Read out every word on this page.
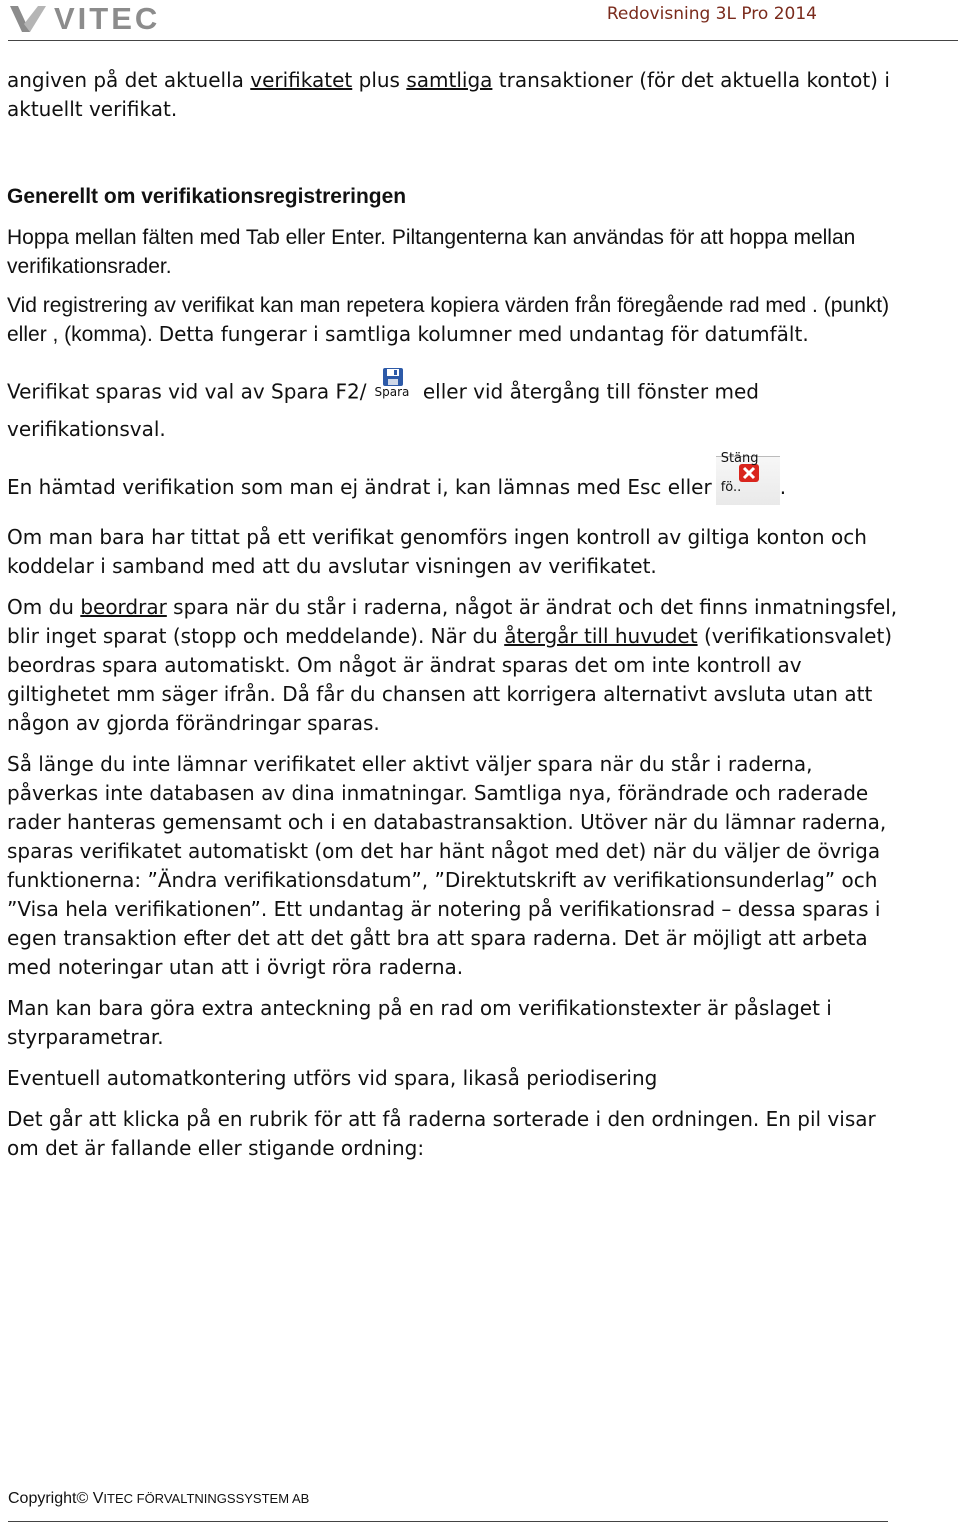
VITEC	Redovisning 3L Pro 2014

angiven på det aktuella verifikatet plus samtliga transaktioner (för det aktuella kontot) i aktuellt verifikat.

Generellt om verifikationsregistreringen

Hoppa mellan fälten med Tab eller Enter. Piltangenterna kan användas för att hoppa mellan verifikationsrader.

Vid registrering av verifikat kan man repetera kopiera värden från föregående rad med . (punkt) eller , (komma). Detta fungerar i samtliga kolumner med undantag för datumfält.

Verifikat sparas vid val av Spara F2/ Spara eller vid återgång till fönster med verifikationsval.

En hämtad verifikation som man ej ändrat i, kan lämnas med Esc eller
Stäng fö..	.

Om man bara har tittat på ett verifikat genomförs ingen kontroll av giltiga konton och koddelar i samband med att du avslutar visningen av verifikatet.

Om du beordrar spara när du står i raderna, något är ändrat och det finns inmatningsfel, blir inget sparat (stopp och meddelande). När du återgår till huvudet (verifikationsvalet) beordras spara automatiskt. Om något är ändrat sparas det om inte kontroll av giltighetet mm säger ifrån. Då får du chansen att korrigera alternativt avsluta utan att någon av gjorda förändringar sparas.

Så länge du inte lämnar verifikatet eller aktivt väljer spara när du står i raderna, påverkas inte databasen av dina inmatningar. Samtliga nya, förändrade och raderade rader hanteras gemensamt och i en databastransaktion. Utöver när du lämnar raderna, sparas verifikatet automatiskt (om det har hänt något med det) när du väljer de övriga funktionerna: ”Ändra verifikationsdatum”, ”Direktutskrift av verifikationsunderlag” och ”Visa hela verifikationen”. Ett undantag är notering på verifikationsrad – dessa sparas i egen transaktion efter det att det gått bra att spara raderna. Det är möjligt att arbeta med noteringar utan att i övrigt röra raderna.

Man kan bara göra extra anteckning på en rad om verifikationstexter är påslaget i styrparametrar.

Eventuell automatkontering utförs vid spara, likaså periodisering

Det går att klicka på en rubrik för att få raderna sorterade i den ordningen. En pil visar om det är fallande eller stigande ordning:

Copyright© VITEC FÖRVALTNINGSSYSTEM AB
